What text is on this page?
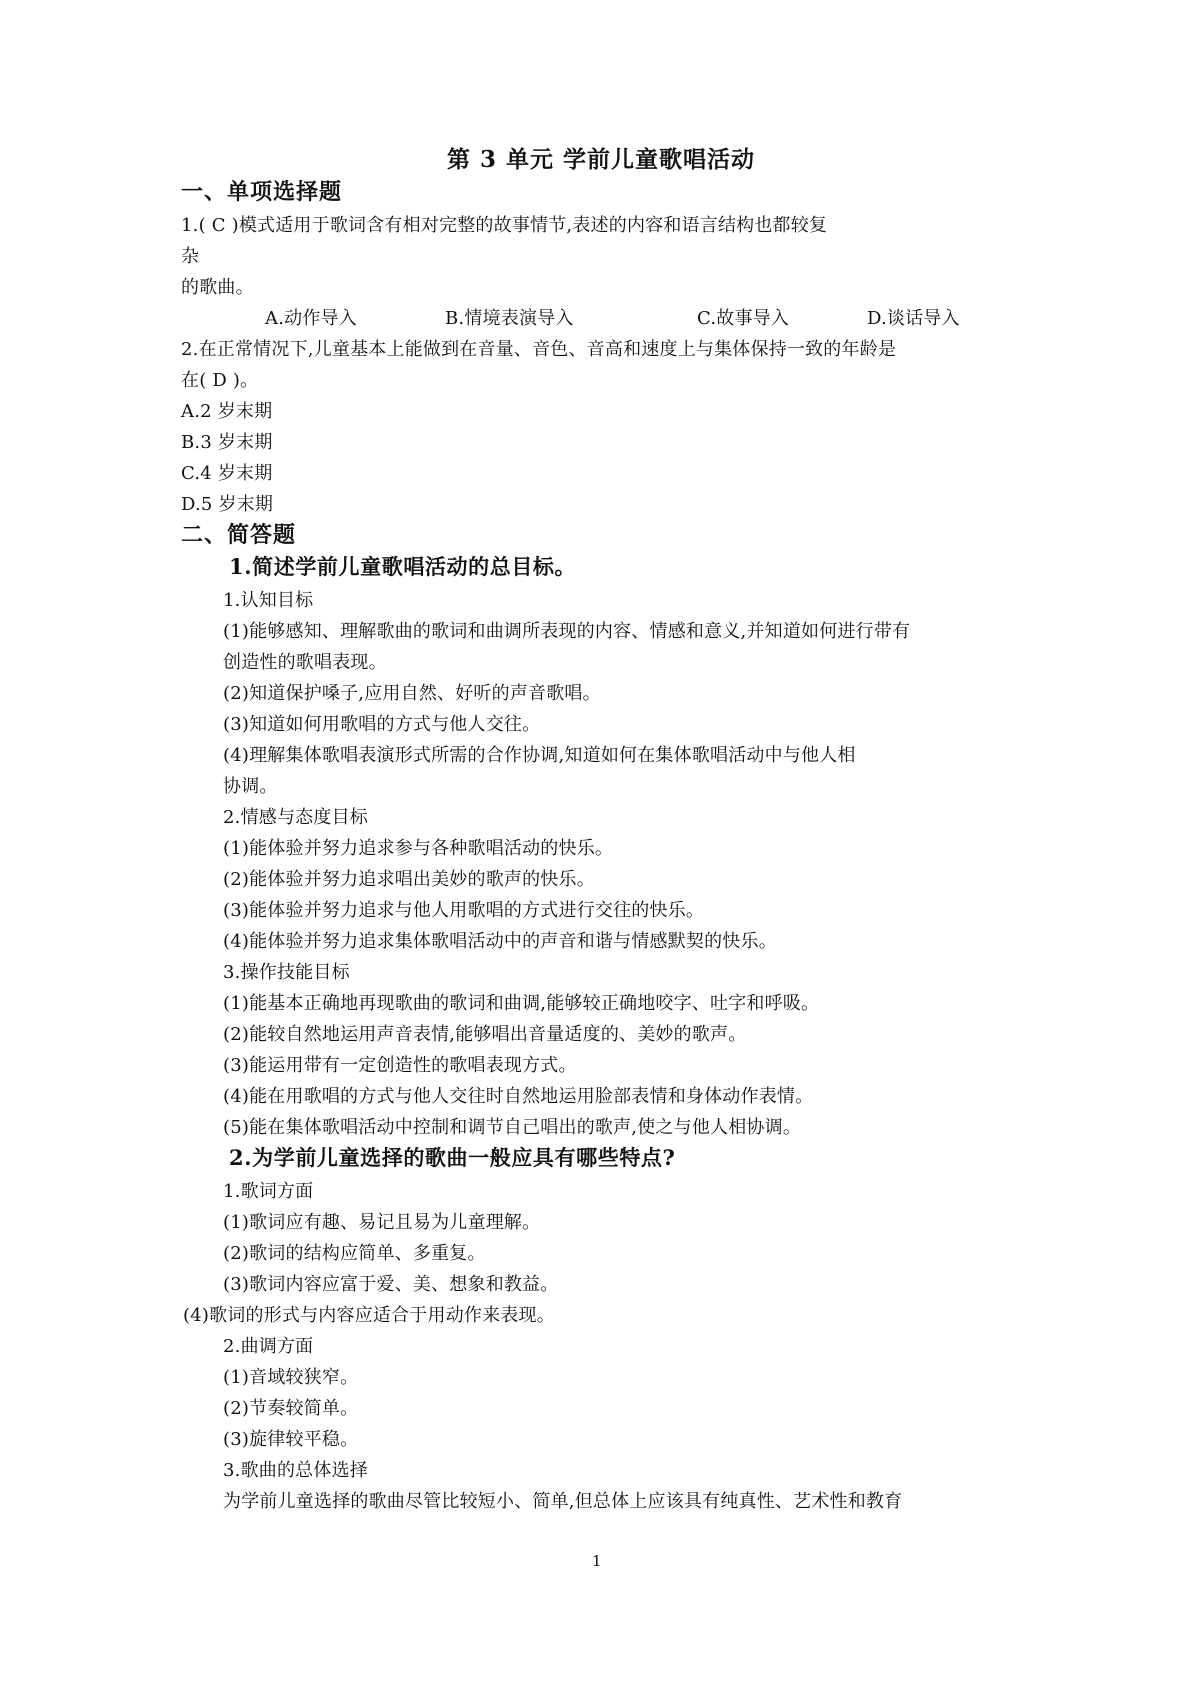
第 3 单元 学前儿童歌唱活动
一、单项选择题
1.( C )模式适用于歌词含有相对完整的故事情节,表述的内容和语言结构也都较复
杂
的歌曲。
A.动作导入	B.情境表演导入	C.故事导入	D.谈话导入
2.在正常情况下,儿童基本上能做到在音量、音色、音高和速度上与集体保持一致的年龄是
在( D )。
A.2 岁末期
B.3 岁末期
C.4 岁末期
D.5 岁末期
二、简答题
1.简述学前儿童歌唱活动的总目标。
1.认知目标
(1)能够感知、理解歌曲的歌词和曲调所表现的内容、情感和意义,并知道如何进行带有
创造性的歌唱表现。
(2)知道保护嗓子,应用自然、好听的声音歌唱。
(3)知道如何用歌唱的方式与他人交往。
(4)理解集体歌唱表演形式所需的合作协调,知道如何在集体歌唱活动中与他人相
协调。
2.情感与态度目标
(1)能体验并努力追求参与各种歌唱活动的快乐。
(2)能体验并努力追求唱出美妙的歌声的快乐。
(3)能体验并努力追求与他人用歌唱的方式进行交往的快乐。
(4)能体验并努力追求集体歌唱活动中的声音和谐与情感默契的快乐。
3.操作技能目标
(1)能基本正确地再现歌曲的歌词和曲调,能够较正确地咬字、吐字和呼吸。
(2)能较自然地运用声音表情,能够唱出音量适度的、美妙的歌声。
(3)能运用带有一定创造性的歌唱表现方式。
(4)能在用歌唱的方式与他人交往时自然地运用脸部表情和身体动作表情。
(5)能在集体歌唱活动中控制和调节自己唱出的歌声,使之与他人相协调。
2.为学前儿童选择的歌曲一般应具有哪些特点?
1.歌词方面
(1)歌词应有趣、易记且易为儿童理解。
(2)歌词的结构应简单、多重复。
(3)歌词内容应富于爱、美、想象和教益。
(4)歌词的形式与内容应适合于用动作来表现。
2.曲调方面
(1)音域较狭窄。
(2)节奏较简单。
(3)旋律较平稳。
3.歌曲的总体选择
为学前儿童选择的歌曲尽管比较短小、简单,但总体上应该具有纯真性、艺术性和教育
1
